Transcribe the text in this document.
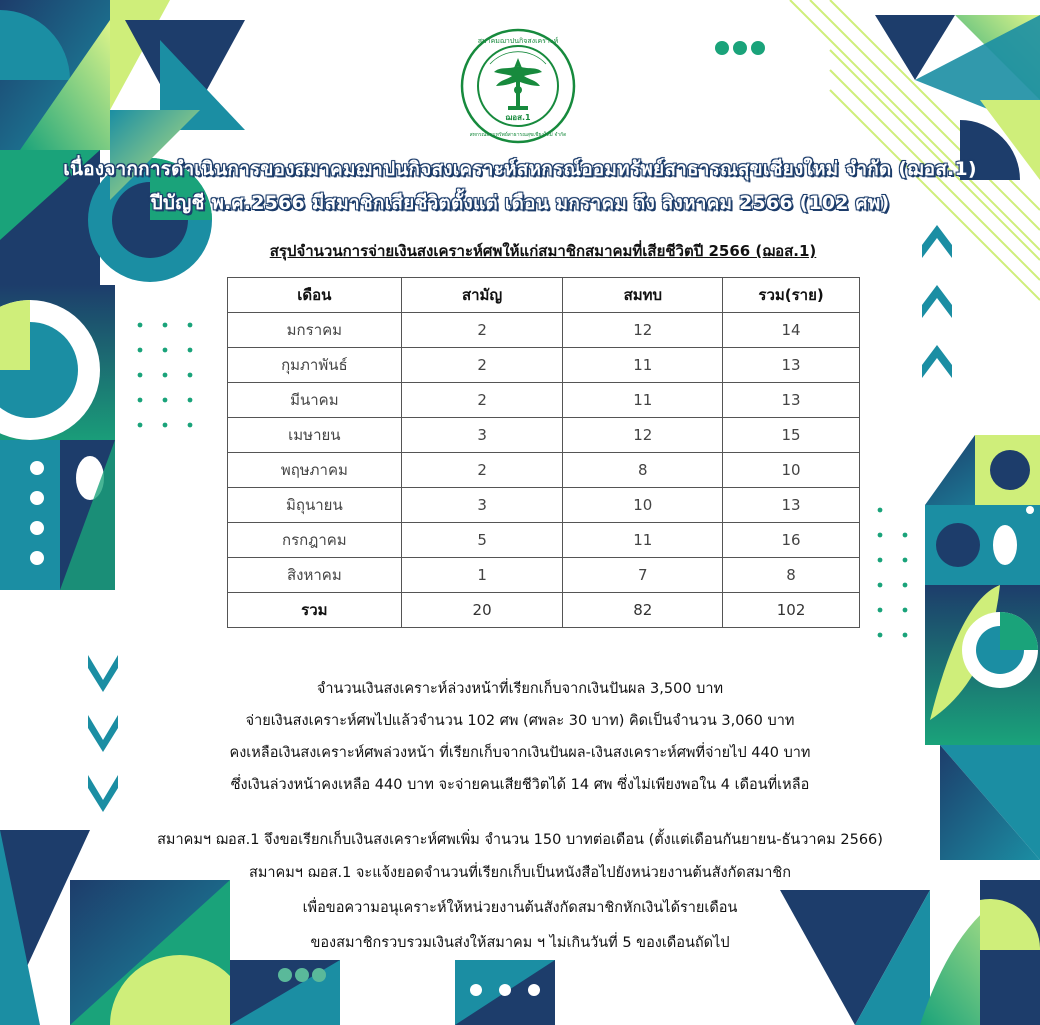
สมาคมฌาปนกิจสงเคราะห์
สหกรณ์ออมทรัพย์สาธารณสุขเชียงใหม่ จำกัด
ฌอส.1
เนื่องจากการดำเนินการของสมาคมฌาปนกิจสงเคราะห์สหกรณ์ออมทรัพย์สาธารณสุขเชียงใหม่ จำกัด (ฌอส.1)
ปีบัญชี พ.ศ.2566 มีสมาชิกเสียชีวิตตั้งแต่ เดือน มกราคม ถึง สิงหาคม 2566 (102 ศพ)
สรุปจำนวนการจ่ายเงินสงเคราะห์ศพให้แก่สมาชิกสมาคมที่เสียชีวิตปี 2566 (ฌอส.1)
เดือน	สามัญ	สมทบ	รวม(ราย)
มกราคม	2	12	14
กุมภาพันธ์	2	11	13
มีนาคม	2	11	13
เมษายน	3	12	15
พฤษภาคม	2	8	10
มิถุนายน	3	10	13
กรกฎาคม	5	11	16
สิงหาคม	1	7	8
รวม	20	82	102
จำนวนเงินสงเคราะห์ล่วงหน้าที่เรียกเก็บจากเงินปันผล 3,500 บาท
จ่ายเงินสงเคราะห์ศพไปแล้วจำนวน 102 ศพ (ศพละ 30 บาท) คิดเป็นจำนวน 3,060 บาท
คงเหลือเงินสงเคราะห์ศพล่วงหน้า ที่เรียกเก็บจากเงินปันผล-เงินสงเคราะห์ศพที่จ่ายไป 440 บาท
ซึ่งเงินล่วงหน้าคงเหลือ 440 บาท จะจ่ายคนเสียชีวิตได้ 14 ศพ ซึ่งไม่เพียงพอใน 4 เดือนที่เหลือ
สมาคมฯ ฌอส.1 จึงขอเรียกเก็บเงินสงเคราะห์ศพเพิ่ม จำนวน 150 บาทต่อเดือน (ตั้งแต่เดือนกันยายน-ธันวาคม 2566)
สมาคมฯ ฌอส.1 จะแจ้งยอดจำนวนที่เรียกเก็บเป็นหนังสือไปยังหน่วยงานต้นสังกัดสมาชิก
เพื่อขอความอนุเคราะห์ให้หน่วยงานต้นสังกัดสมาชิกหักเงินได้รายเดือน
ของสมาชิกรวบรวมเงินส่งให้สมาคม ฯ ไม่เกินวันที่ 5 ของเดือนถัดไป
